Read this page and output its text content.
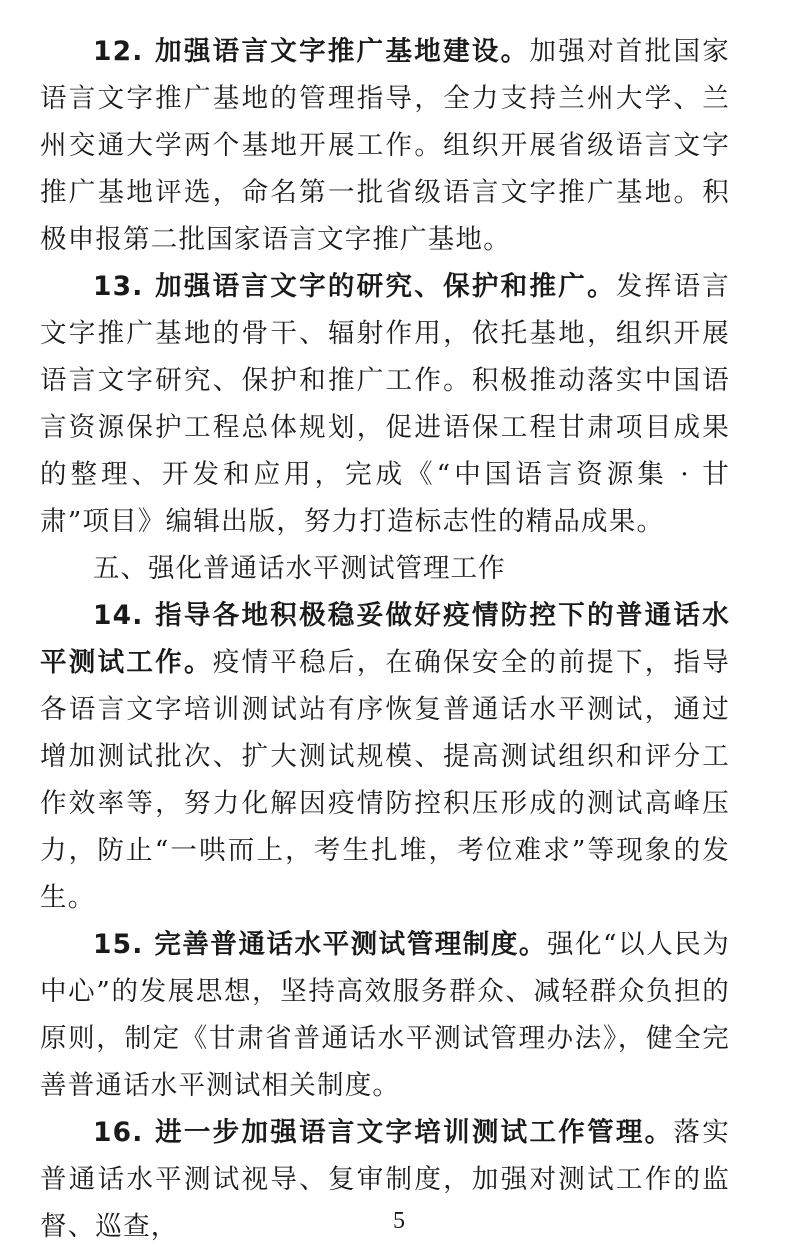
12. 加强语言文字推广基地建设。加强对首批国家语言文字推广基地的管理指导，全力支持兰州大学、兰州交通大学两个基地开展工作。组织开展省级语言文字推广基地评选，命名第一批省级语言文字推广基地。积极申报第二批国家语言文字推广基地。

13. 加强语言文字的研究、保护和推广。发挥语言文字推广基地的骨干、辐射作用，依托基地，组织开展语言文字研究、保护和推广工作。积极推动落实中国语言资源保护工程总体规划，促进语保工程甘肃项目成果的整理、开发和应用，完成《“中国语言资源集 · 甘肃”项目》编辑出版，努力打造标志性的精品成果。

五、强化普通话水平测试管理工作

14. 指导各地积极稳妥做好疫情防控下的普通话水平测试工作。疫情平稳后，在确保安全的前提下，指导各语言文字培训测试站有序恢复普通话水平测试，通过增加测试批次、扩大测试规模、提高测试组织和评分工作效率等，努力化解因疫情防控积压形成的测试高峰压力，防止“一哄而上，考生扎堆，考位难求”等现象的发生。

15. 完善普通话水平测试管理制度。强化“以人民为中心”的发展思想，坚持高效服务群众、减轻群众负担的原则，制定《甘肃省普通话水平测试管理办法》，健全完善普通话水平测试相关制度。

16. 进一步加强语言文字培训测试工作管理。落实普通话水平测试视导、复审制度，加强对测试工作的监督、巡查，	5
